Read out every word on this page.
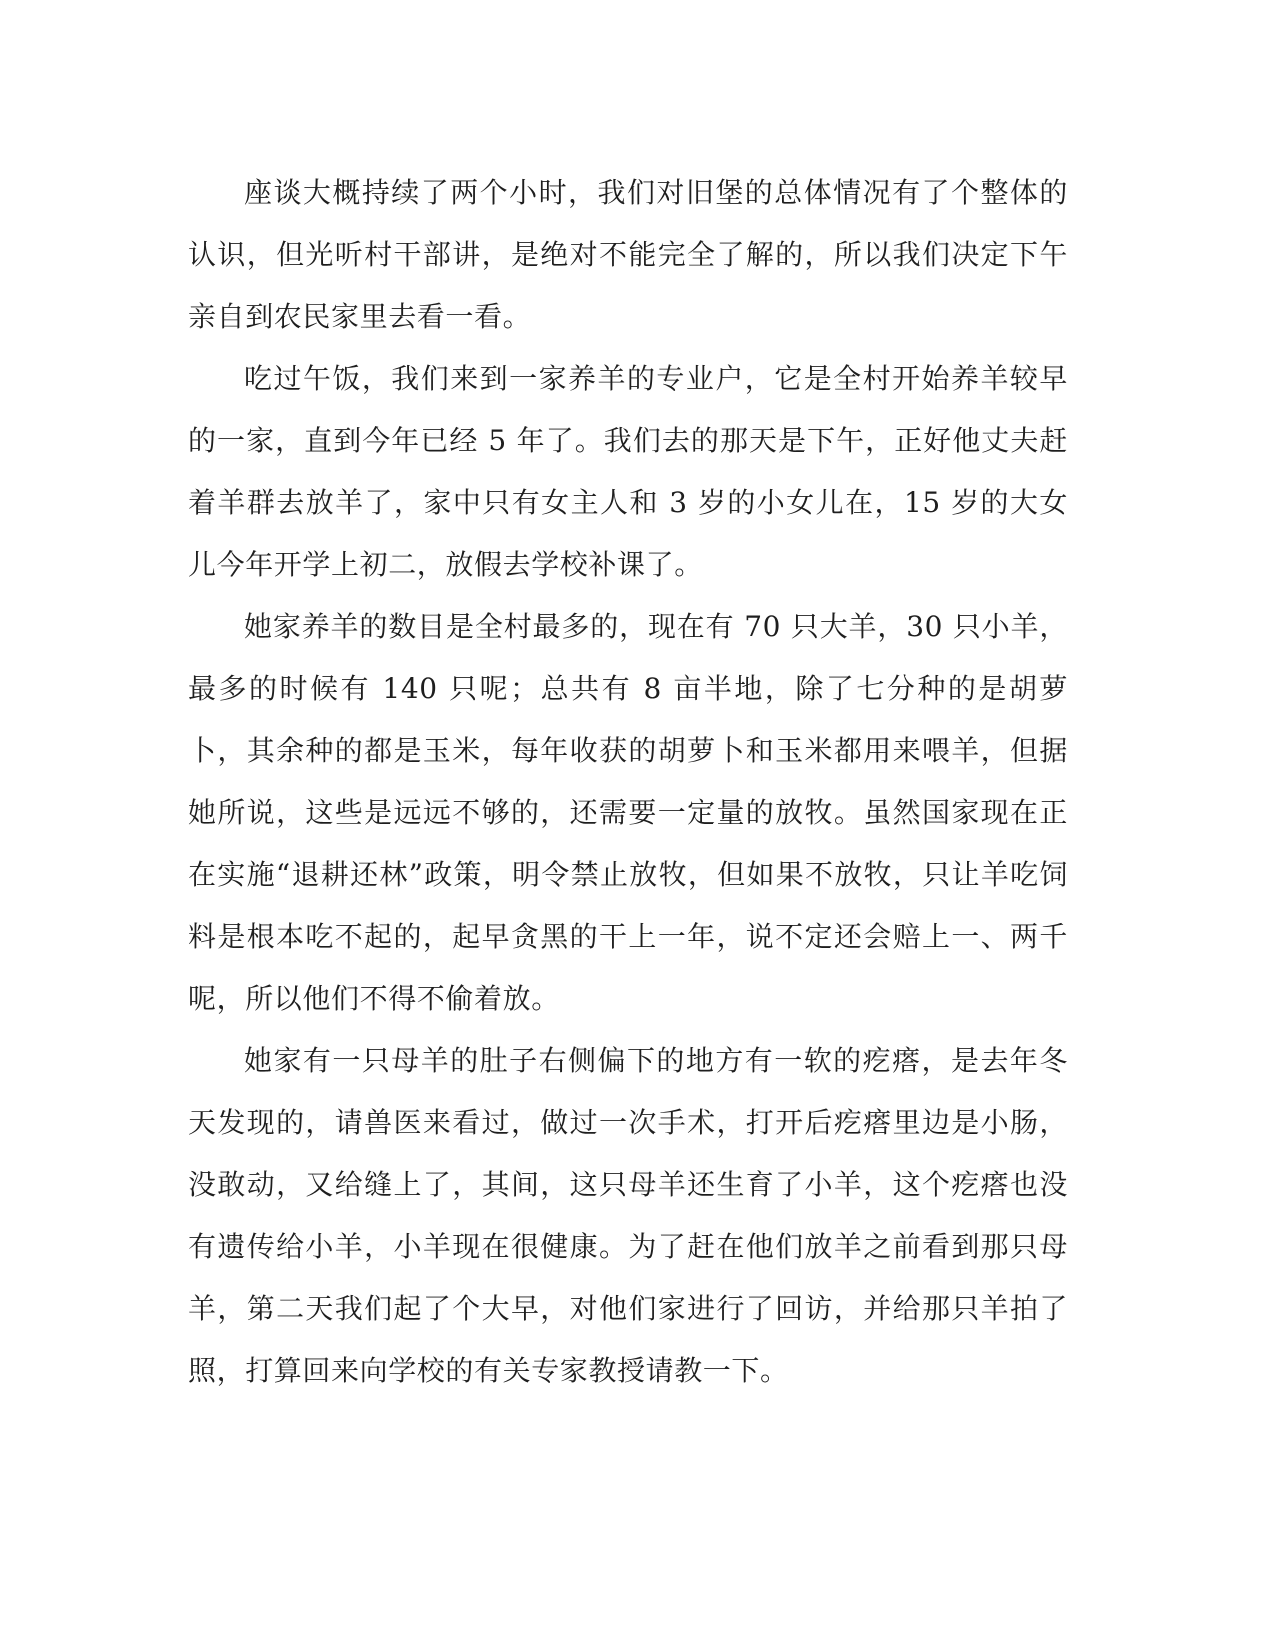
座谈大概持续了两个小时，我们对旧堡的总体情况有了个整体的认识，但光听村干部讲，是绝对不能完全了解的，所以我们决定下午亲自到农民家里去看一看。

吃过午饭，我们来到一家养羊的专业户，它是全村开始养羊较早的一家，直到今年已经 5 年了。我们去的那天是下午，正好他丈夫赶着羊群去放羊了，家中只有女主人和 3 岁的小女儿在，15 岁的大女儿今年开学上初二，放假去学校补课了。

她家养羊的数目是全村最多的，现在有 70 只大羊，30 只小羊，最多的时候有 140 只呢；总共有 8 亩半地，除了七分种的是胡萝卜，其余种的都是玉米，每年收获的胡萝卜和玉米都用来喂羊，但据她所说，这些是远远不够的，还需要一定量的放牧。虽然国家现在正在实施“退耕还林”政策，明令禁止放牧，但如果不放牧，只让羊吃饲料是根本吃不起的，起早贪黑的干上一年，说不定还会赔上一、两千呢，所以他们不得不偷着放。

她家有一只母羊的肚子右侧偏下的地方有一软的疙瘩，是去年冬天发现的，请兽医来看过，做过一次手术，打开后疙瘩里边是小肠，没敢动，又给缝上了，其间，这只母羊还生育了小羊，这个疙瘩也没有遗传给小羊，小羊现在很健康。为了赶在他们放羊之前看到那只母羊，第二天我们起了个大早，对他们家进行了回访，并给那只羊拍了照，打算回来向学校的有关专家教授请教一下。
